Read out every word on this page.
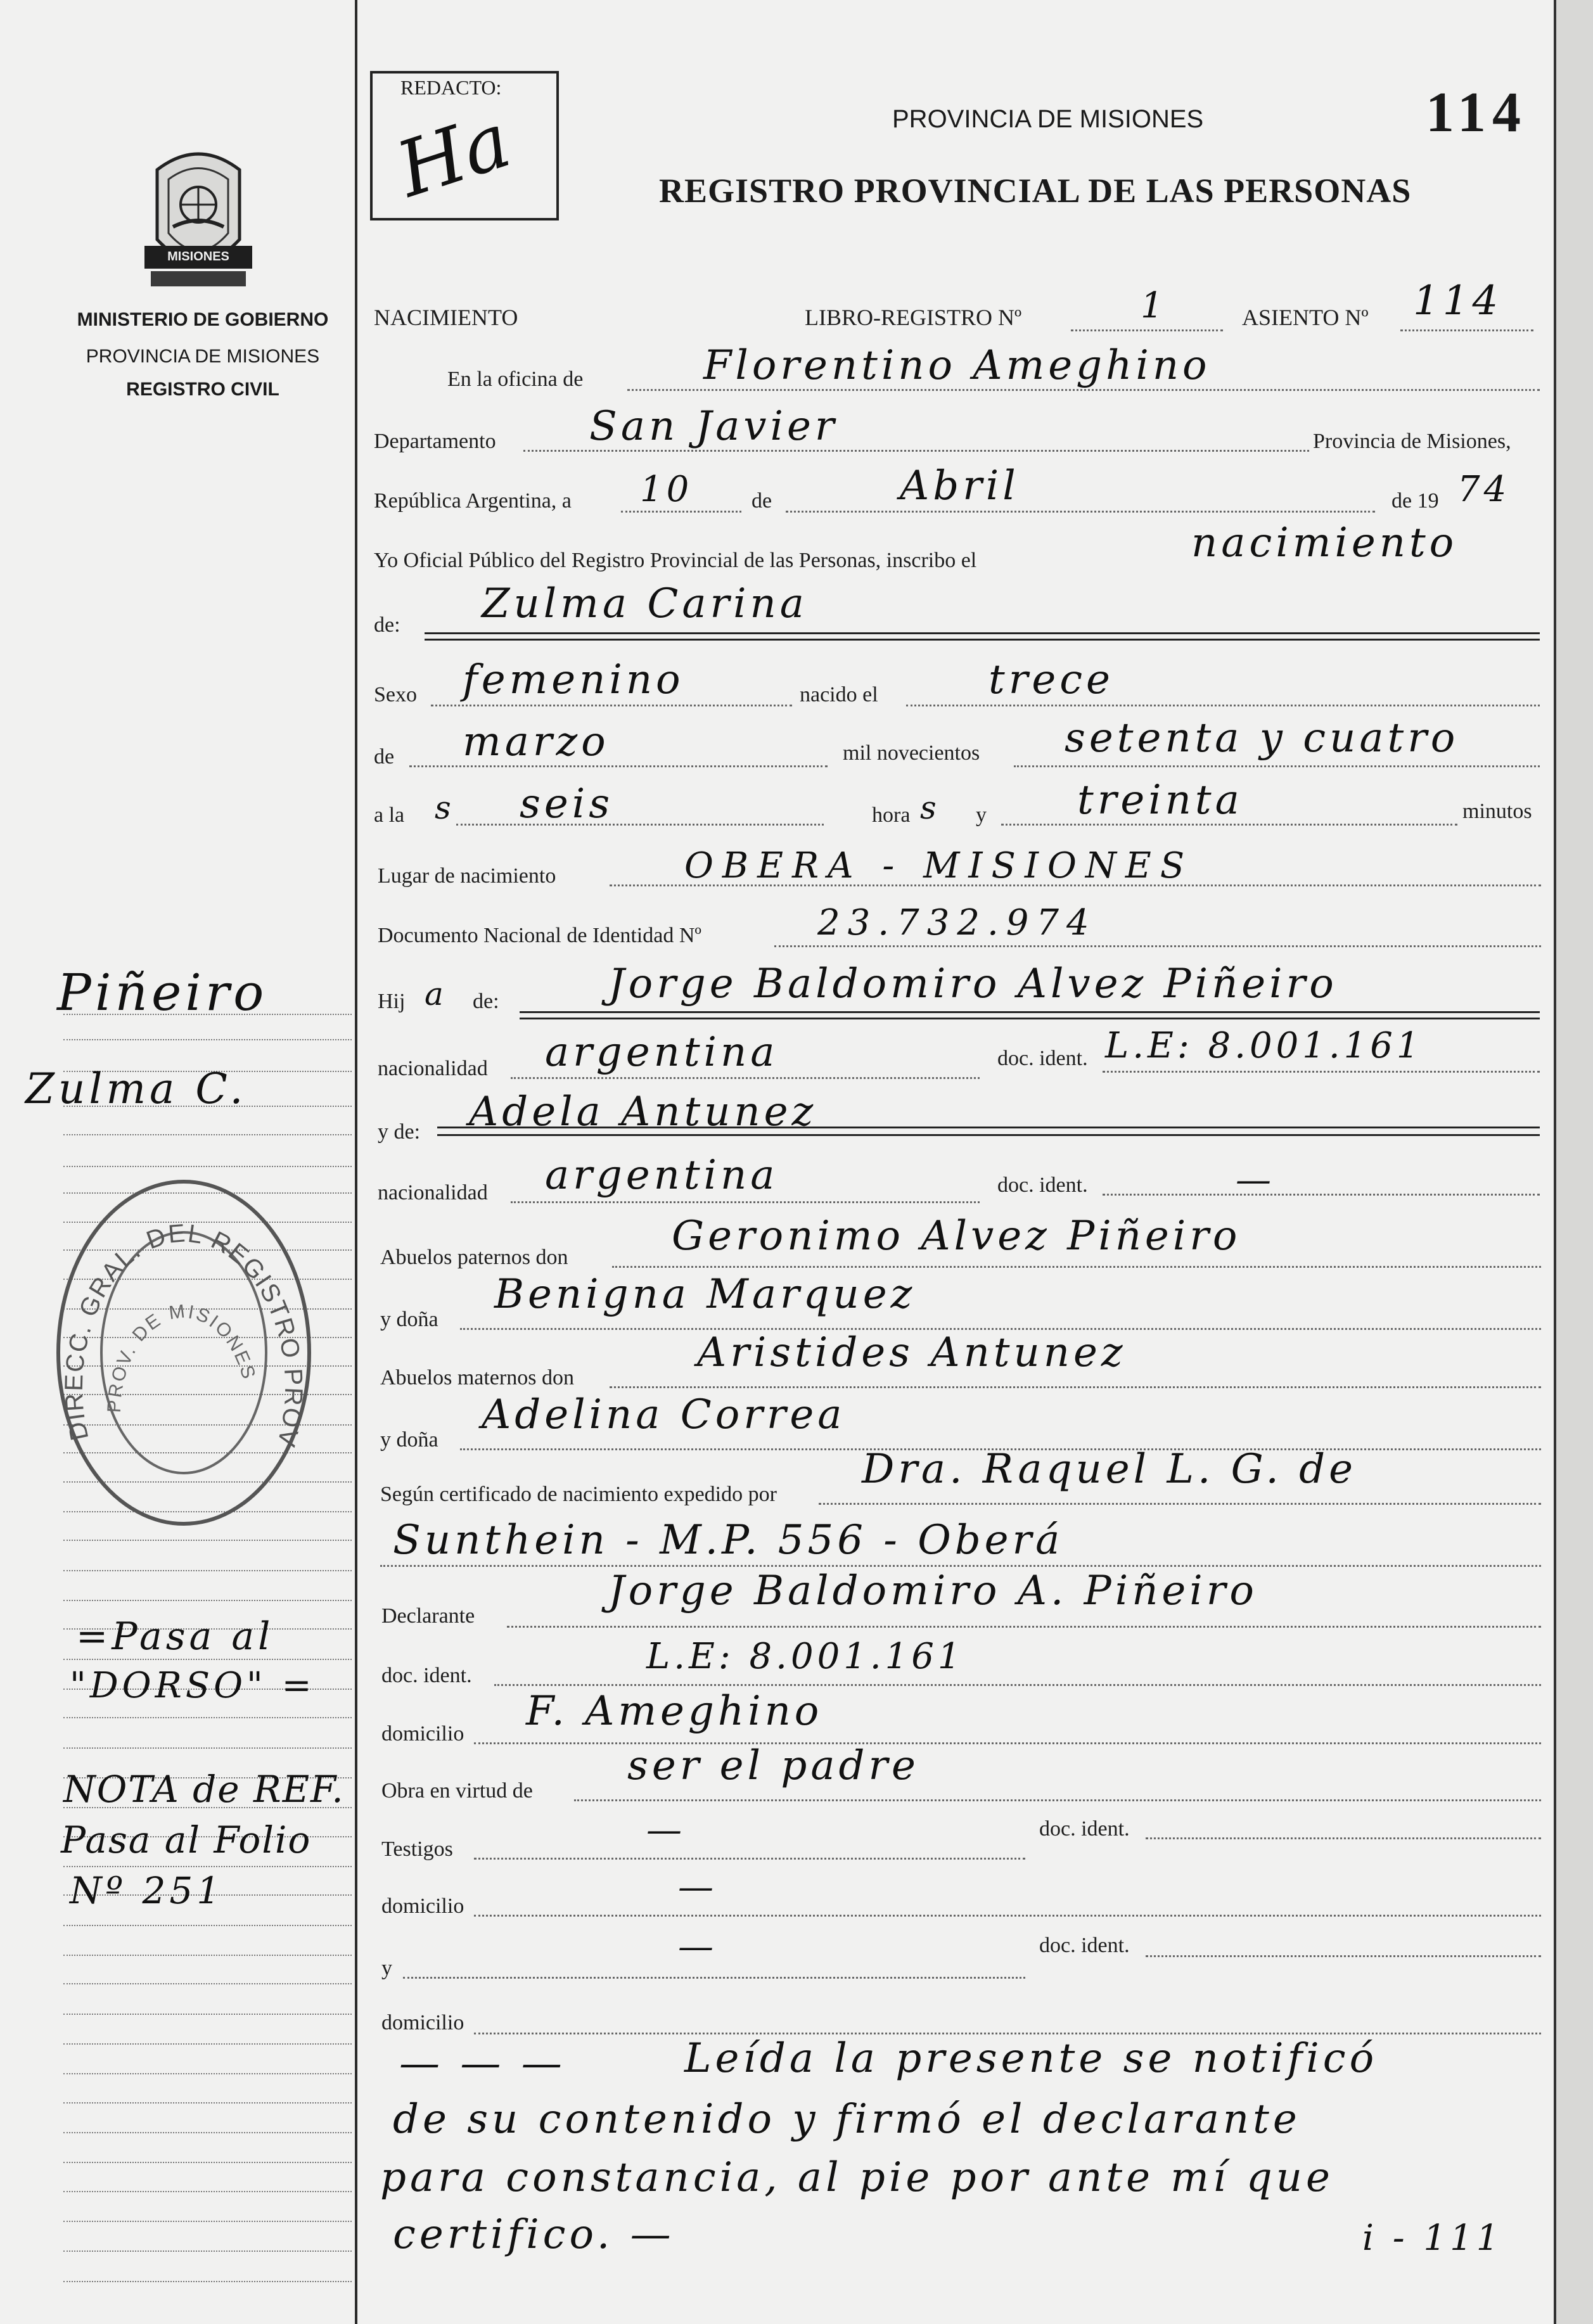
MISIONES
MINISTERIO DE GOBIERNO
PROVINCIA DE MISIONES
REGISTRO CIVIL
REDACTO:
Ha	PROVINCIA DE MISIONES
REGISTRO PROVINCIAL DE LAS PERSONAS
114
NACIMIENTO	LIBRO-REGISTRO Nº	1	ASIENTO Nº 114
En la oficina de	Florentino Ameghino
Departamento San Javier	Provincia de Misiones,
República Argentina, a 10	de	Abril	de 19 74
Yo Oficial Público del Registro Provincial de las Personas, inscribo el	nacimiento
de: Zulma Carina
Sexo femenino	nacido el	trece
de marzo	mil novecientos setenta y cuatro
a la s seis	hora s y treinta	minutos
Lugar de nacimiento	OBERA - MISIONES
Documento Nacional de Identidad Nº	23.732.974
Hij a de:	Jorge Baldomiro Alvez Piñeiro
nacionalidad argentina	doc. ident. L.E: 8.001.161
y de: Adela Antunez
nacionalidad argentina	doc. ident.	—
Abuelos paternos don	Geronimo Alvez Piñeiro
y doña
Benigna Marquez
Abuelos maternos don
Aristides Antunez
y doña
Adelina Correa
Según certificado de nacimiento expedido por
Dra. Raquel L. G. de
Sunthein - M.P. 556 - Oberá
Declarante
Jorge Baldomiro A. Piñeiro
doc. ident.	L.E: 8.001.161
domicilio F. Ameghino
Obra en virtud de
ser el padre
Testigos	—	doc. ident.
domicilio	—
y
—	doc. ident.
domicilio
— — —	Leída la presente se notificó
de su contenido y firmó el declarante
para constancia, al pie por ante mí que
certifico. —	i - 111
Piñeiro
Zulma C.
DIRECC. GRAL. DEL REGISTRO PROV
PROV. DE MISIONES
=Pasa al
"DORSO" =
NOTA de REF.
Pasa al Folio
Nº 251
